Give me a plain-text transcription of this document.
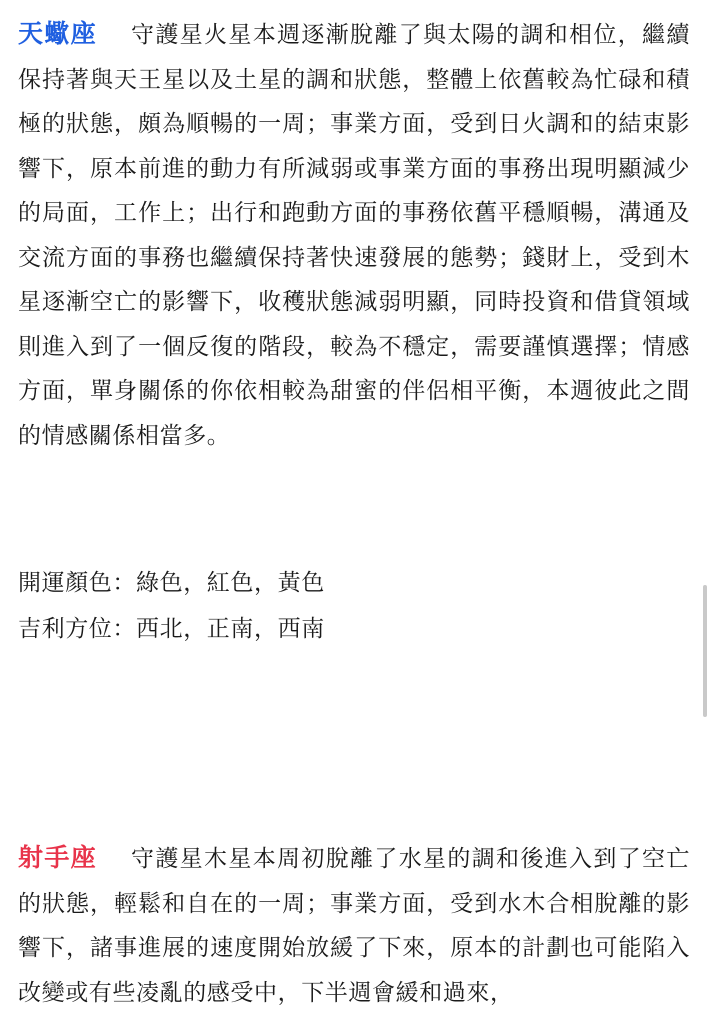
天蠍座 守護星火星本週逐漸脫離了與太陽的調和相位，繼續保持著與天王星以及土星的調和狀態，整體上依舊較為忙碌和積極的狀態，頗為順暢的一周；事業方面，受到日火調和的結束影響下，原本前進的動力有所減弱或事業方面的事務出現明顯減少的局面，工作上；出行和跑動方面的事務依舊平穩順暢，溝通及交流方面的事務也繼續保持著快速發展的態勢；錢財上，受到木星逐漸空亡的影響下，收穫狀態減弱明顯，同時投資和借貸領域則進入到了一個反復的階段，較為不穩定，需要謹慎選擇；情感方面，單身關係的你依相較為甜蜜的伴侶相平衡，本週彼此之間的情感關係相當多。

開運顏色：綠色，紅色，黃色

吉利方位：西北，正南，西南

射手座 守護星木星本周初脫離了水星的調和後進入到了空亡的狀態，輕鬆和自在的一周；事業方面，受到水木合相脫離的影響下，諸事進展的速度開始放緩了下來，原本的計劃也可能陷入改變或有些凌亂的感受中，下半週會緩和過來，
